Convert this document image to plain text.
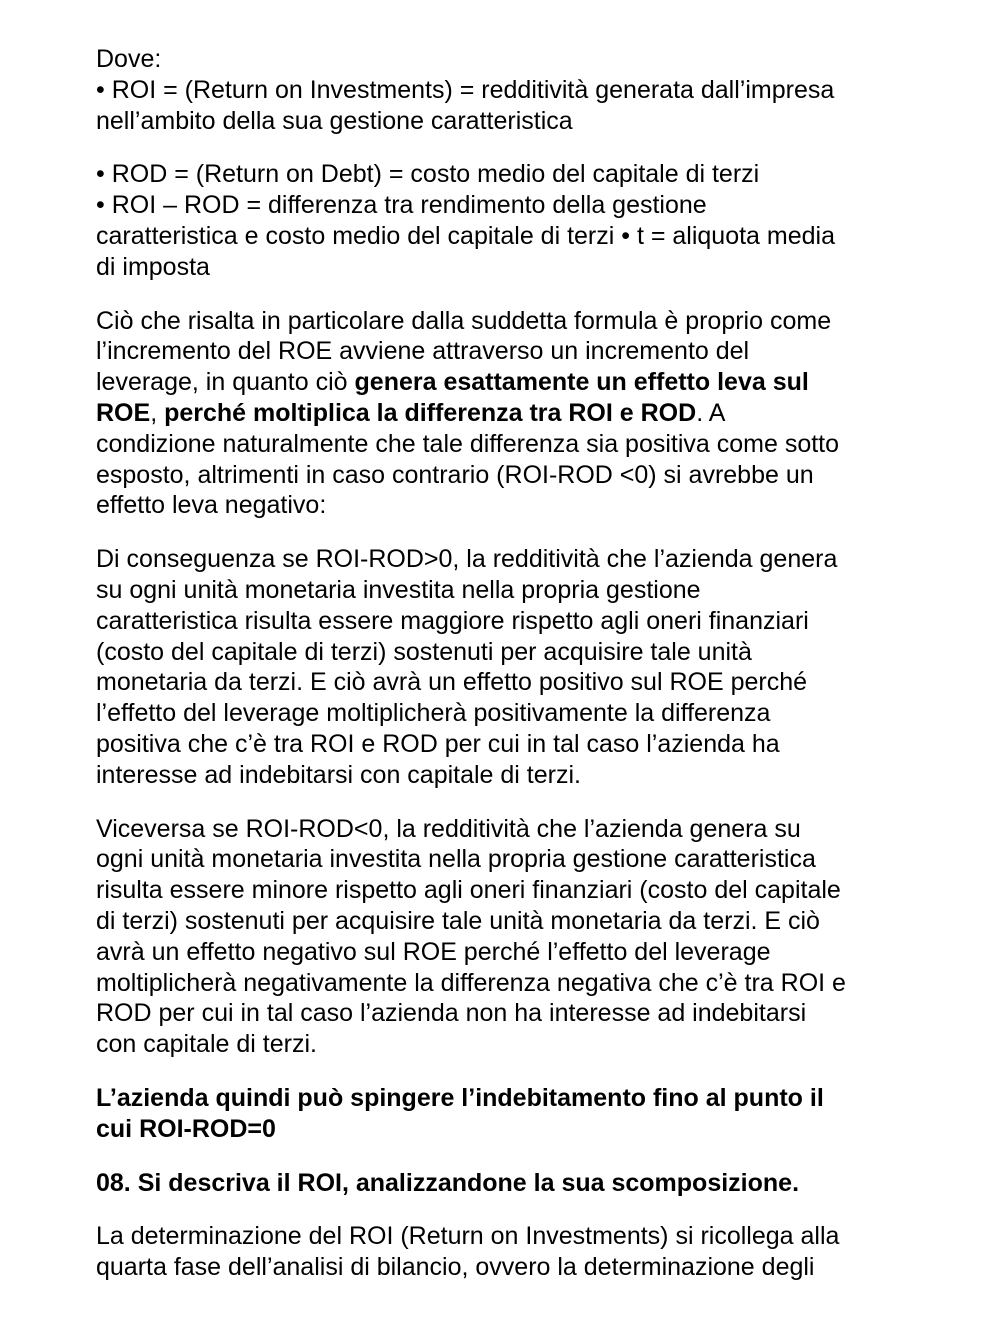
Dove:
• ROI = (Return on Investments) = redditività generata dall’impresa
nell’ambito della sua gestione caratteristica

• ROD = (Return on Debt) = costo medio del capitale di terzi
• ROI – ROD = differenza tra rendimento della gestione
caratteristica e costo medio del capitale di terzi • t = aliquota media
di imposta

Ciò che risalta in particolare dalla suddetta formula è proprio come
l’incremento del ROE avviene attraverso un incremento del
leverage, in quanto ciò genera esattamente un effetto leva sul
ROE, perché moltiplica la differenza tra ROI e ROD. A
condizione naturalmente che tale differenza sia positiva come sotto
esposto, altrimenti in caso contrario (ROI-ROD <0) si avrebbe un
effetto leva negativo:

Di conseguenza se ROI-ROD>0, la redditività che l’azienda genera
su ogni unità monetaria investita nella propria gestione
caratteristica risulta essere maggiore rispetto agli oneri finanziari
(costo del capitale di terzi) sostenuti per acquisire tale unità
monetaria da terzi. E ciò avrà un effetto positivo sul ROE perché
l’effetto del leverage moltiplicherà positivamente la differenza
positiva che c’è tra ROI e ROD per cui in tal caso l’azienda ha
interesse ad indebitarsi con capitale di terzi.

Viceversa se ROI-ROD<0, la redditività che l’azienda genera su
ogni unità monetaria investita nella propria gestione caratteristica
risulta essere minore rispetto agli oneri finanziari (costo del capitale
di terzi) sostenuti per acquisire tale unità monetaria da terzi. E ciò
avrà un effetto negativo sul ROE perché l’effetto del leverage
moltiplicherà negativamente la differenza negativa che c’è tra ROI e
ROD per cui in tal caso l’azienda non ha interesse ad indebitarsi
con capitale di terzi.

L’azienda quindi può spingere l’indebitamento fino al punto il
cui ROI-ROD=0

08. Si descriva il ROI, analizzandone la sua scomposizione.

La determinazione del ROI (Return on Investments) si ricollega alla
quarta fase dell’analisi di bilancio, ovvero la determinazione degli
